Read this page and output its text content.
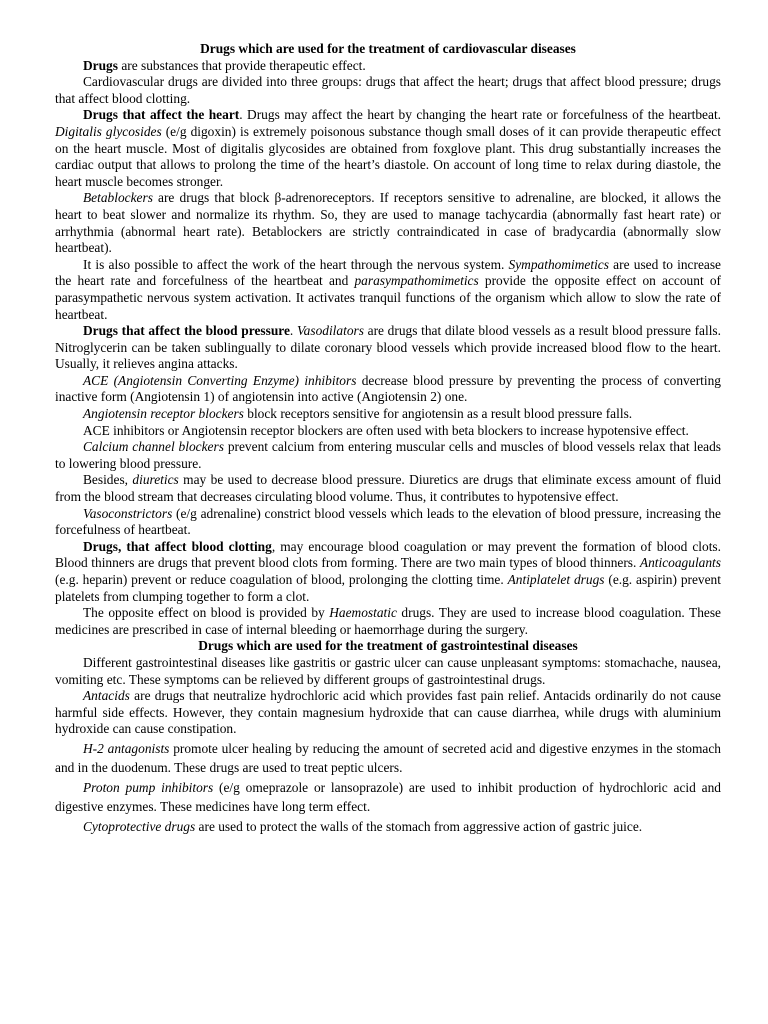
Drugs which are used for the treatment of cardiovascular diseases

Drugs are substances that provide therapeutic effect.

Cardiovascular drugs are divided into three groups: drugs that affect the heart; drugs that affect blood pressure; drugs that affect blood clotting.

Drugs that affect the heart. Drugs may affect the heart by changing the heart rate or forcefulness of the heartbeat. Digitalis glycosides (e/g digoxin) is extremely poisonous substance though small doses of it can provide therapeutic effect on the heart muscle. Most of digitalis glycosides are obtained from foxglove plant. This drug substantially increases the cardiac output that allows to prolong the time of the heart’s diastole. On account of long time to relax during diastole, the heart muscle becomes stronger.

Betablockers are drugs that block β-adrenoreceptors. If receptors sensitive to adrenaline, are blocked, it allows the heart to beat slower and normalize its rhythm. So, they are used to manage tachycardia (abnormally fast heart rate) or arrhythmia (abnormal heart rate). Betablockers are strictly contraindicated in case of bradycardia (abnormally slow heartbeat).

It is also possible to affect the work of the heart through the nervous system. Sympathomimetics are used to increase the heart rate and forcefulness of the heartbeat and parasympathomimetics provide the opposite effect on account of parasympathetic nervous system activation. It activates tranquil functions of the organism which allow to slow the rate of heartbeat.

Drugs that affect the blood pressure. Vasodilators are drugs that dilate blood vessels as a result blood pressure falls. Nitroglycerin can be taken sublingually to dilate coronary blood vessels which provide increased blood flow to the heart. Usually, it relieves angina attacks.

ACE (Angiotensin Converting Enzyme) inhibitors decrease blood pressure by preventing the process of converting inactive form (Angiotensin 1) of angiotensin into active (Angiotensin 2) one.

Angiotensin receptor blockers block receptors sensitive for angiotensin as a result blood pressure falls.

ACE inhibitors or Angiotensin receptor blockers are often used with beta blockers to increase hypotensive effect.

Calcium channel blockers prevent calcium from entering muscular cells and muscles of blood vessels relax that leads to lowering blood pressure.

Besides, diuretics may be used to decrease blood pressure. Diuretics are drugs that eliminate excess amount of fluid from the blood stream that decreases circulating blood volume. Thus, it contributes to hypotensive effect.

Vasoconstrictors (e/g adrenaline) constrict blood vessels which leads to the elevation of blood pressure, increasing the forcefulness of heartbeat.

Drugs, that affect blood clotting, may encourage blood coagulation or may prevent the formation of blood clots. Blood thinners are drugs that prevent blood clots from forming. There are two main types of blood thinners. Anticoagulants (e.g. heparin) prevent or reduce coagulation of blood, prolonging the clotting time. Antiplatelet drugs (e.g. aspirin) prevent platelets from clumping together to form a clot.

The opposite effect on blood is provided by Haemostatic drugs. They are used to increase blood coagulation. These medicines are prescribed in case of internal bleeding or haemorrhage during the surgery.

Drugs which are used for the treatment of gastrointestinal diseases

Different gastrointestinal diseases like gastritis or gastric ulcer can cause unpleasant symptoms: stomachache, nausea, vomiting etc. These symptoms can be relieved by different groups of gastrointestinal drugs.

Antacids are drugs that neutralize hydrochloric acid which provides fast pain relief. Antacids ordinarily do not cause harmful side effects. However, they contain magnesium hydroxide that can cause diarrhea, while drugs with aluminium hydroxide can cause constipation.

H-2 antagonists promote ulcer healing by reducing the amount of secreted acid and digestive enzymes in the stomach and in the duodenum. These drugs are used to treat peptic ulcers.

Proton pump inhibitors (e/g omeprazole or lansoprazole) are used to inhibit production of hydrochloric acid and digestive enzymes. These medicines have long term effect.

Cytoprotective drugs are used to protect the walls of the stomach from aggressive action of gastric juice.
